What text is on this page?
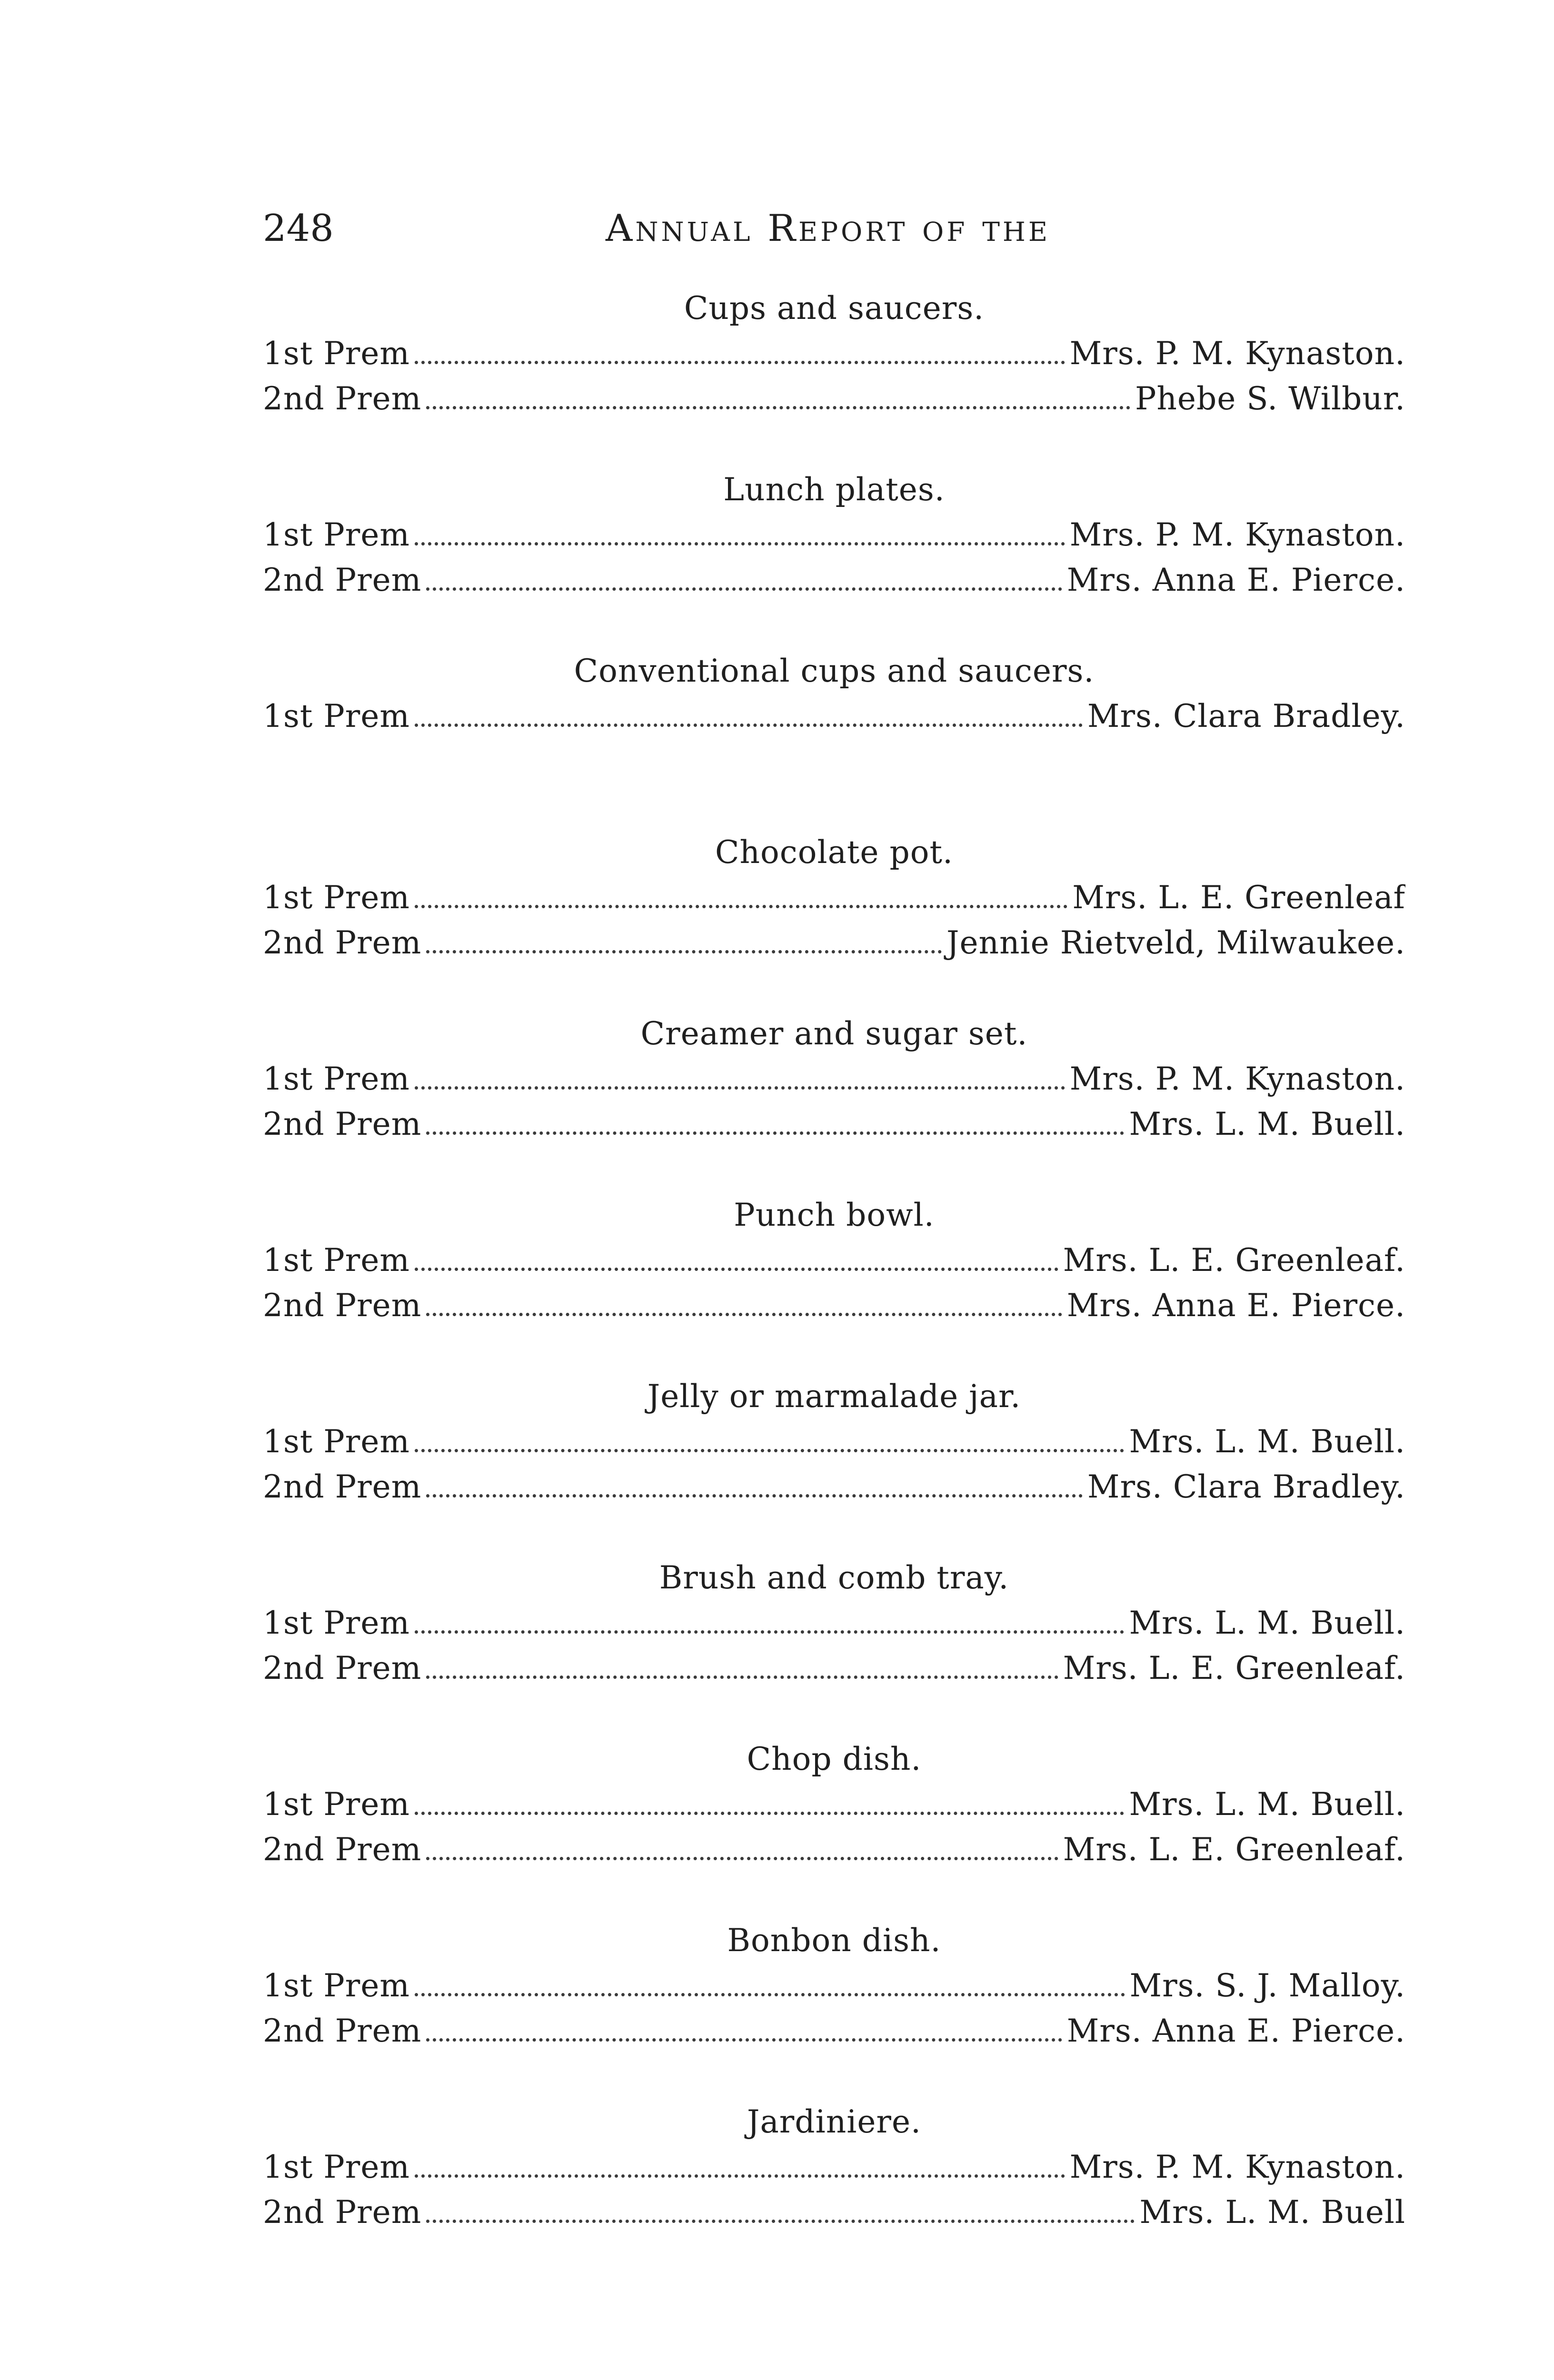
248	Annual Report of the
Cups and saucers.
1st Prem	Mrs. P. M. Kynaston.
2nd Prem	Phebe S. Wilbur.
Lunch plates.
1st Prem	Mrs. P. M. Kynaston.
2nd Prem	Mrs. Anna E. Pierce.
Conventional cups and saucers.
1st Prem	Mrs. Clara Bradley.
Chocolate pot.
1st Prem	Mrs. L. E. Greenleaf
2nd Prem	Jennie Rietveld, Milwaukee.
Creamer and sugar set.
1st Prem	Mrs. P. M. Kynaston.
2nd Prem	Mrs. L. M. Buell.
Punch bowl.
1st Prem	Mrs. L. E. Greenleaf.
2nd Prem	Mrs. Anna E. Pierce.
Jelly or marmalade jar.
1st Prem	Mrs. L. M. Buell.
2nd Prem	Mrs. Clara Bradley.
Brush and comb tray.
1st Prem	Mrs. L. M. Buell.
2nd Prem	Mrs. L. E. Greenleaf.
Chop dish.
1st Prem	Mrs. L. M. Buell.
2nd Prem	Mrs. L. E. Greenleaf.
Bonbon dish.
1st Prem	Mrs. S. J. Malloy.
2nd Prem	Mrs. Anna E. Pierce.
Jardiniere.
1st Prem	Mrs. P. M. Kynaston.
2nd Prem	Mrs. L. M. Buell
